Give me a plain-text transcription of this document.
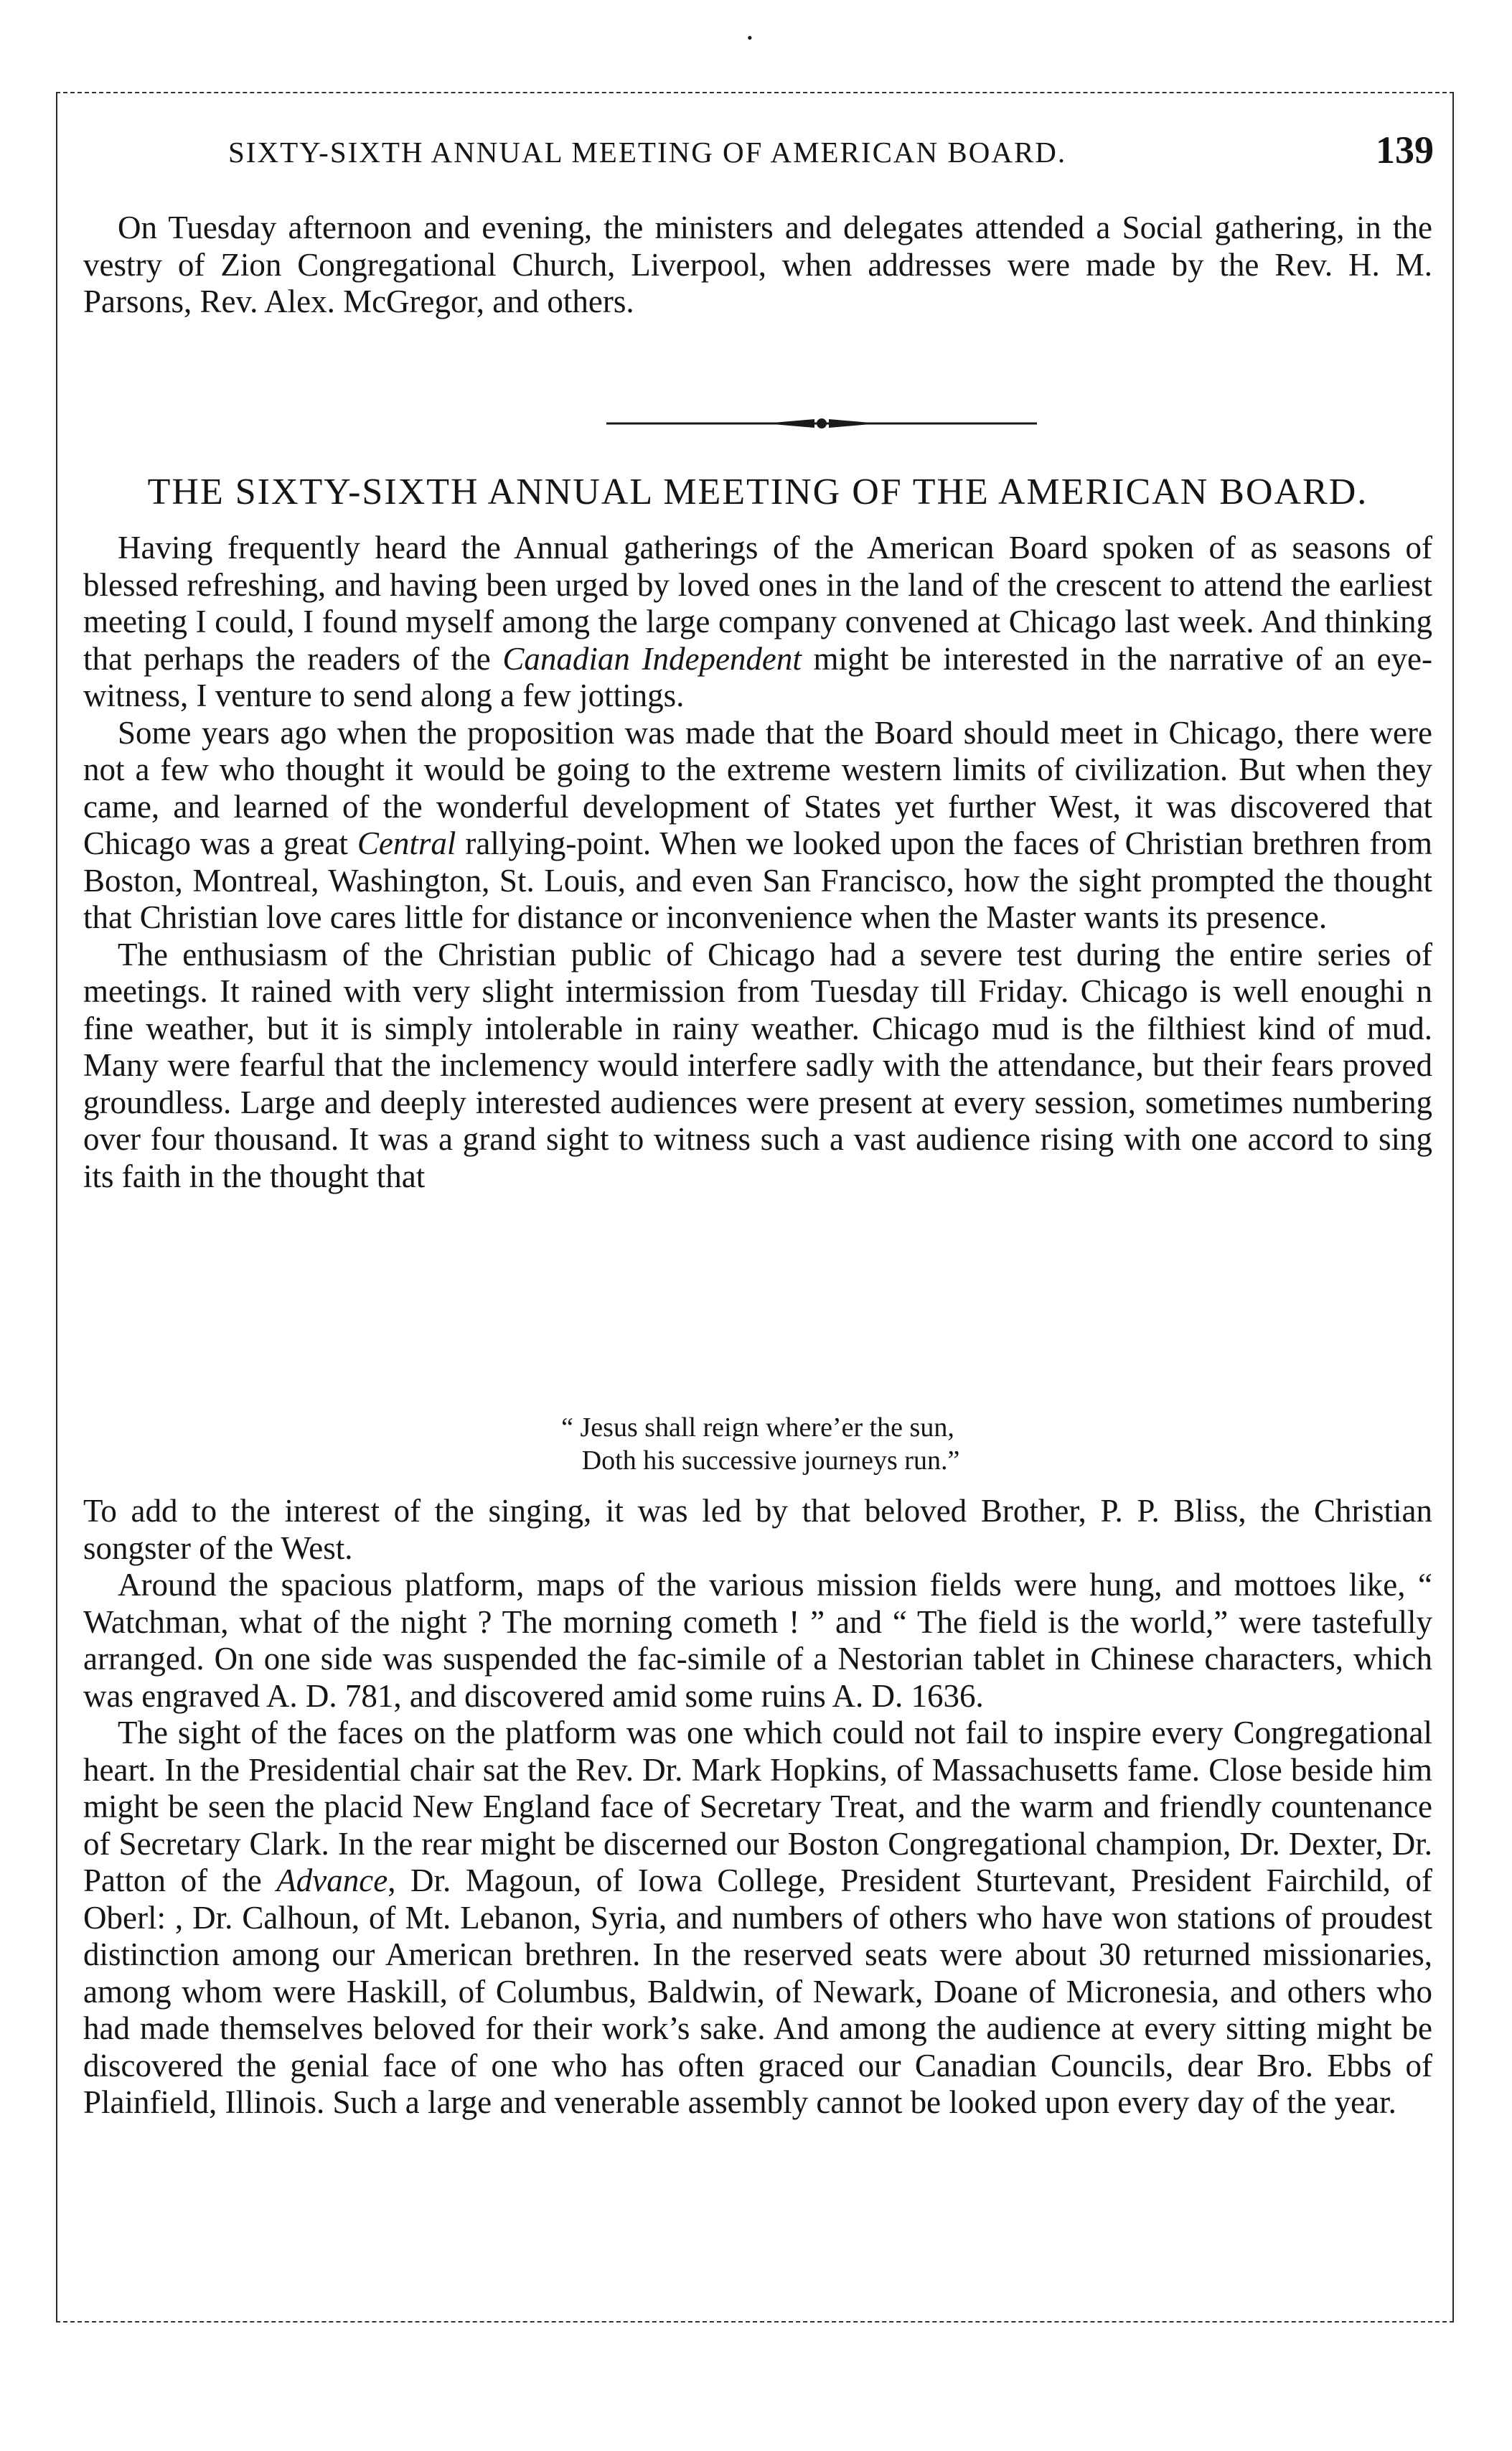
•
SIXTY-SIXTH ANNUAL MEETING OF AMERICAN BOARD.	139

On Tuesday afternoon and evening, the ministers and delegates attended a Social gathering, in the vestry of Zion Congregational Church, Liverpool, when addresses were made by the Rev. H. M. Parsons, Rev. Alex. McGregor, and others.

THE SIXTY-SIXTH ANNUAL MEETING OF THE AMERICAN BOARD.

Having frequently heard the Annual gatherings of the American Board spoken of as seasons of blessed refreshing, and having been urged by loved ones in the land of the crescent to attend the earliest meeting I could, I found myself among the large company convened at Chicago last week. And thinking that perhaps the readers of the Canadian Independent might be interested in the narrative of an eye-witness, I venture to send along a few jottings.

Some years ago when the proposition was made that the Board should meet in Chicago, there were not a few who thought it would be going to the extreme western limits of civilization. But when they came, and learned of the wonderful development of States yet further West, it was discovered that Chicago was a great Central rallying-point. When we looked upon the faces of Christian brethren from Boston, Montreal, Washington, St. Louis, and even San Francisco, how the sight prompted the thought that Christian love cares little for distance or inconvenience when the Master wants its presence.

The enthusiasm of the Christian public of Chicago had a severe test during the entire series of meetings. It rained with very slight intermission from Tuesday till Friday. Chicago is well enoughi n fine weather, but it is simply intolerable in rainy weather. Chicago mud is the filthiest kind of mud. Many were fearful that the inclemency would interfere sadly with the attendance, but their fears proved groundless. Large and deeply interested audiences were present at every session, sometimes numbering over four thousand. It was a grand sight to witness such a vast audience rising with one accord to sing its faith in the thought that

“ Jesus shall reign where’er the sun,
Doth his successive journeys run.”

To add to the interest of the singing, it was led by that beloved Brother, P. P. Bliss, the Christian songster of the West.

Around the spacious platform, maps of the various mission fields were hung, and mottoes like, “ Watchman, what of the night ? The morning cometh ! ” and “ The field is the world,” were tastefully arranged. On one side was suspended the fac-simile of a Nestorian tablet in Chinese characters, which was engraved A. D. 781, and discovered amid some ruins A. D. 1636.

The sight of the faces on the platform was one which could not fail to inspire every Congregational heart. In the Presidential chair sat the Rev. Dr. Mark Hopkins, of Massachusetts fame. Close beside him might be seen the placid New England face of Secretary Treat, and the warm and friendly countenance of Secretary Clark. In the rear might be discerned our Boston Congregational champion, Dr. Dexter, Dr. Patton of the Advance, Dr. Magoun, of Iowa College, President Sturtevant, President Fairchild, of Oberl: , Dr. Calhoun, of Mt. Lebanon, Syria, and numbers of others who have won stations of proudest distinction among our American brethren. In the reserved seats were about 30 returned missionaries, among whom were Haskill, of Columbus, Baldwin, of Newark, Doane of Micronesia, and others who had made themselves beloved for their work’s sake. And among the audience at every sitting might be discovered the genial face of one who has often graced our Canadian Councils, dear Bro. Ebbs of Plainfield, Illinois. Such a large and venerable assembly cannot be looked upon every day of the year.
